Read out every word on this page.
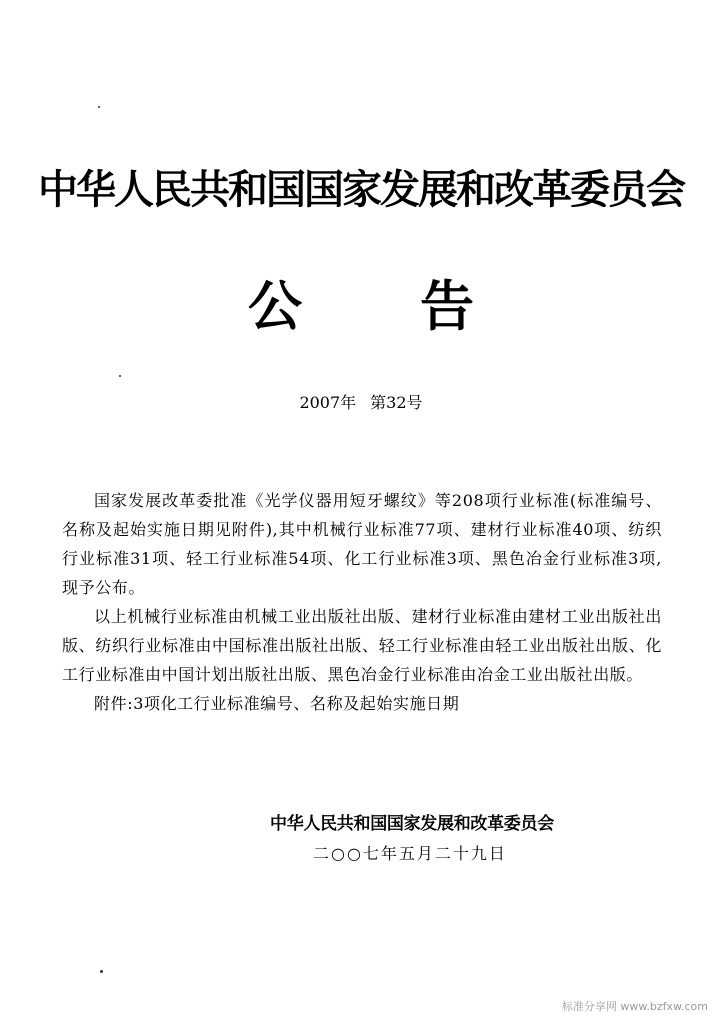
中华人民共和国国家发展和改革委员会
公 告
2007年 第32号

国家发展改革委批准《光学仪器用短牙螺纹》等208项行业标准(标准编号、名称及起始实施日期见附件),其中机械行业标准77项、建材行业标准40项、纺织行业标准31项、轻工行业标准54项、化工行业标准3项、黑色冶金行业标准3项,现予公布。

以上机械行业标准由机械工业出版社出版、建材行业标准由建材工业出版社出版、纺织行业标准由中国标准出版社出版、轻工行业标准由轻工业出版社出版、化工行业标准由中国计划出版社出版、黑色冶金行业标准由冶金工业出版社出版。

附件:3项化工行业标准编号、名称及起始实施日期

中华人民共和国国家发展和改革委员会
二○○七年五月二十九日
标准分享网 www.bzfxw.com
